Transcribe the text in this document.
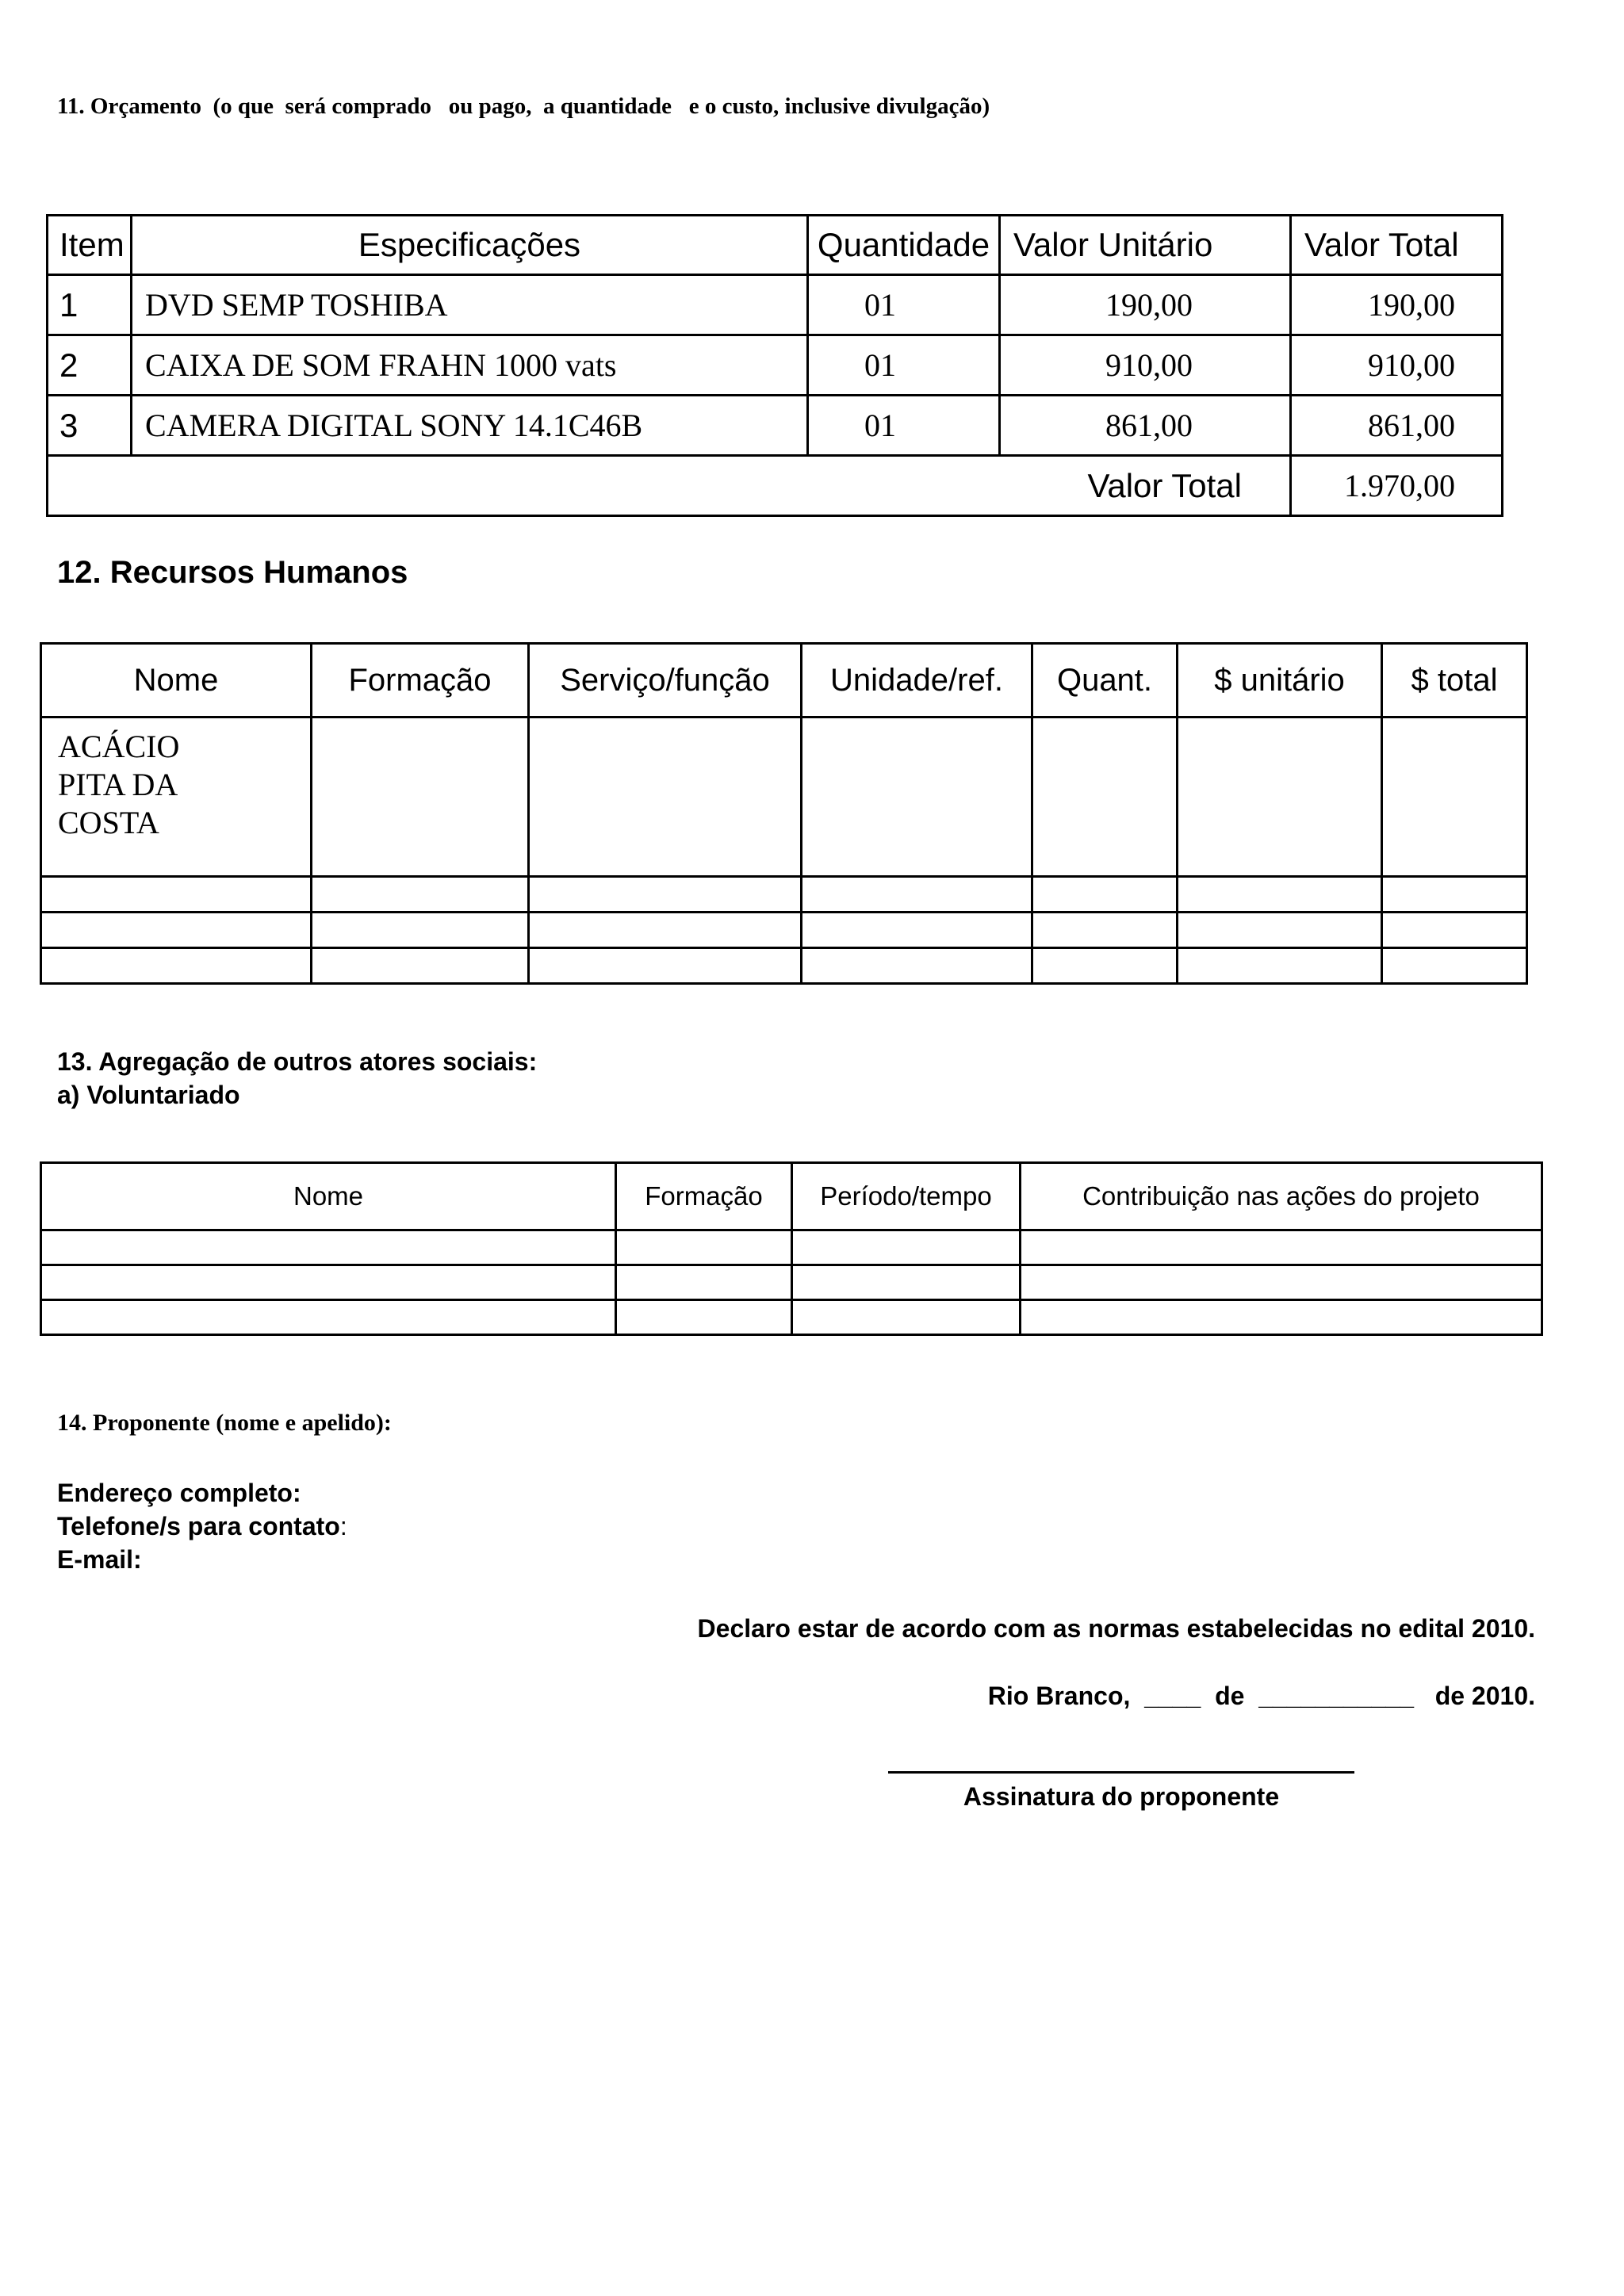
11. Orçamento  (o que  será comprado   ou pago,  a quantidade   e o custo, inclusive divulgação)
Item	Especificações	Quantidade	Valor Unitário	Valor Total
1	DVD SEMP TOSHIBA	01	190,00	190,00
2	CAIXA DE SOM FRAHN 1000 vats	01	910,00	910,00
3	CAMERA DIGITAL SONY 14.1C46B	01	861,00	861,00
Valor Total				1.970,00
12. Recursos Humanos
Nome	Formação	Serviço/função	Unidade/ref.	Quant.	$ unitário	$ total

ACÁCIO
PITA DA
COSTA						

13. Agregação de outros atores sociais:
a) Voluntariado
Nome	Formação	Período/tempo	Contribuição nas ações do projeto

14. Proponente (nome e apelido):
Endereço completo:
Telefone/s para contato:
E-mail:
Declaro estar de acordo com as normas estabelecidas no edital 2010.
Rio Branco,  ____  de  ___________   de 2010.
Assinatura do proponente
